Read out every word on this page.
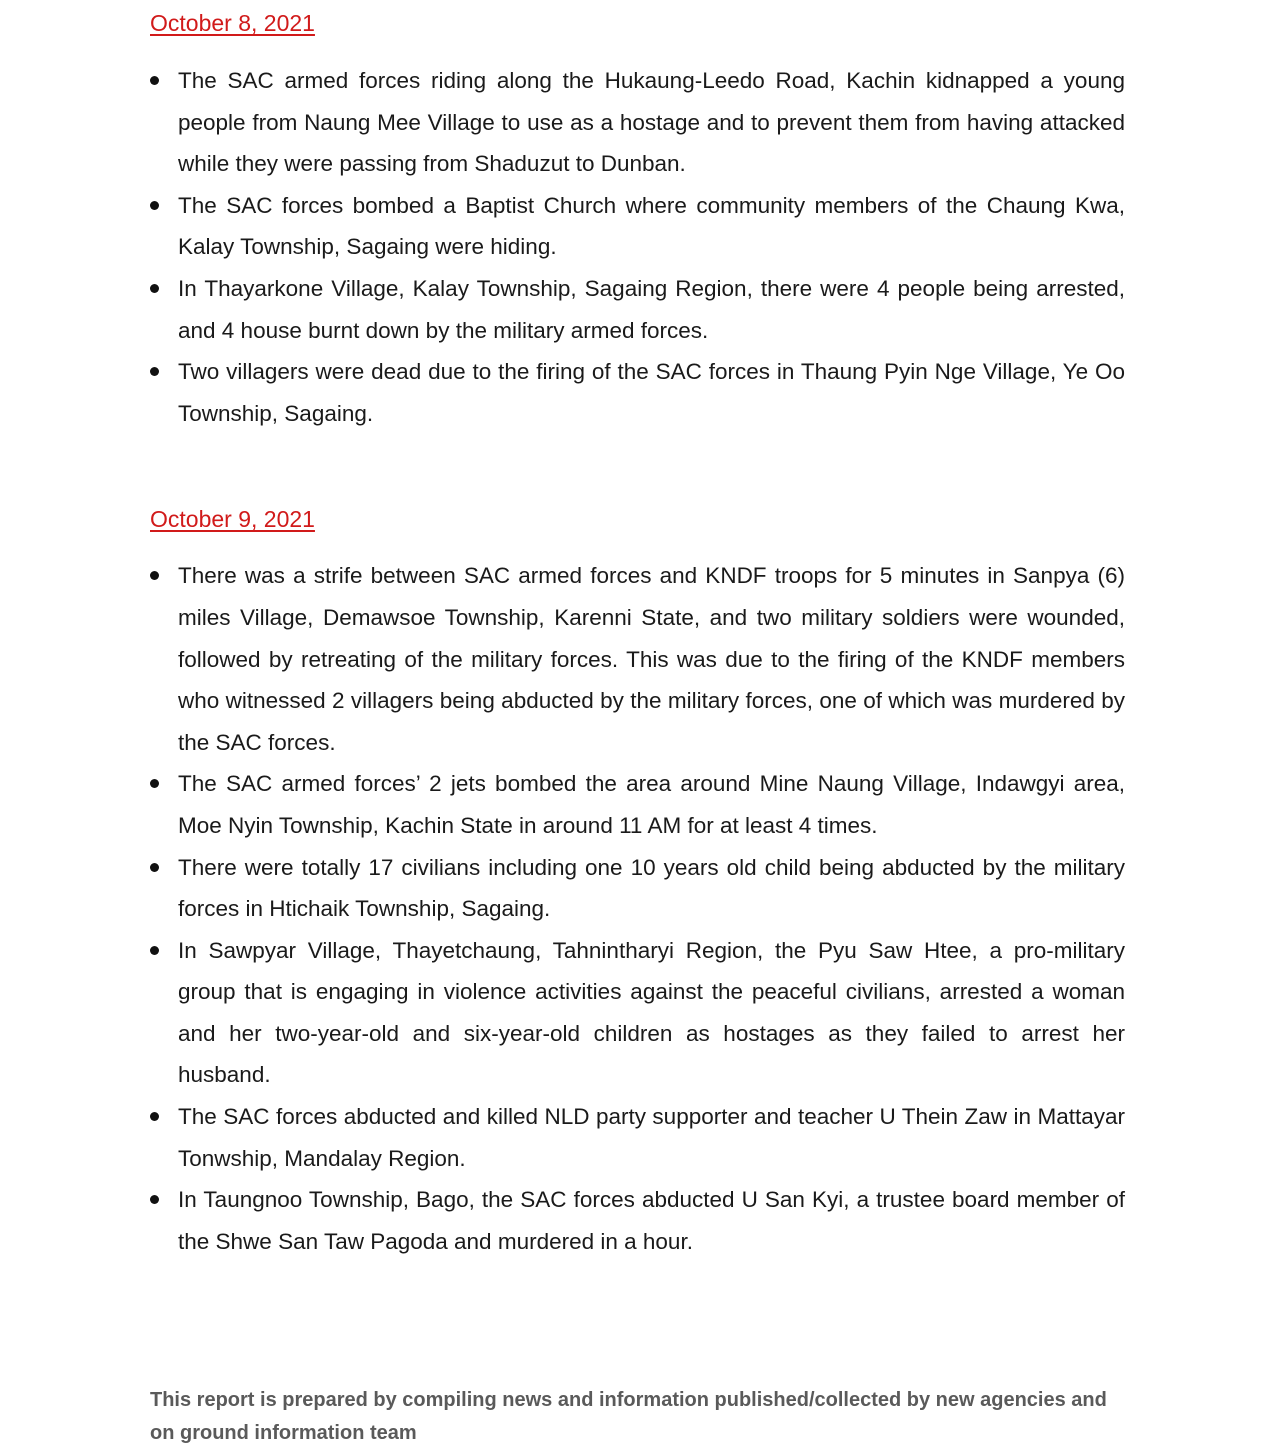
October 8, 2021
The SAC armed forces riding along the Hukaung-Leedo Road, Kachin kidnapped a young people from Naung Mee Village to use as a hostage and to prevent them from having attacked while they were passing from Shaduzut to Dunban.
The SAC forces bombed a Baptist Church where community members of the Chaung Kwa, Kalay Township, Sagaing were hiding.
In Thayarkone Village, Kalay Township, Sagaing Region, there were 4 people being arrested, and 4 house burnt down by the military armed forces.
Two villagers were dead due to the firing of the SAC forces in Thaung Pyin Nge Village, Ye Oo Township, Sagaing.
October 9, 2021
There was a strife between SAC armed forces and KNDF troops for 5 minutes in Sanpya (6) miles Village, Demawsoe Township, Karenni State, and two military soldiers were wounded, followed by retreating of the military forces. This was due to the firing of the KNDF members who witnessed 2 villagers being abducted by the military forces, one of which was murdered by the SAC forces.
The SAC armed forces’ 2 jets bombed the area around Mine Naung Village, Indawgyi area, Moe Nyin Township, Kachin State in around 11 AM for at least 4 times.
There were totally 17 civilians including one 10 years old child being abducted by the military forces in Htichaik Township, Sagaing.
In Sawpyar Village, Thayetchaung, Tahnintharyi Region, the Pyu Saw Htee, a pro-military group that is engaging in violence activities against the peaceful civilians, arrested a woman and her two-year-old and six-year-old children as hostages as they failed to arrest her husband.
The SAC forces abducted and killed NLD party supporter and teacher U Thein Zaw in Mattayar Tonwship, Mandalay Region.
In Taungnoo Township, Bago, the SAC forces abducted U San Kyi, a trustee board member of the Shwe San Taw Pagoda and murdered in a hour.

This report is prepared by compiling news and information published/collected by new agencies and on ground information team
